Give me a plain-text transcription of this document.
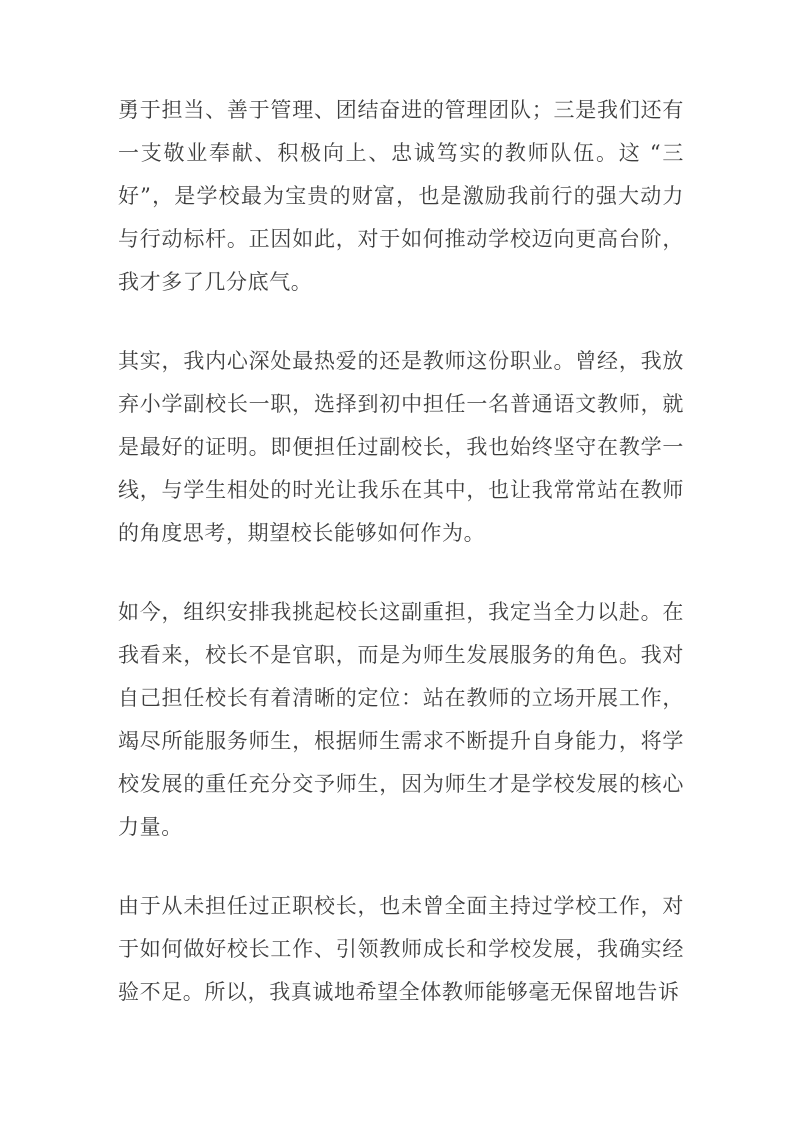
勇于担当、善于管理、团结奋进的管理团队；三是我们还有一支敬业奉献、积极向上、忠诚笃实的教师队伍。这 “三好”，是学校最为宝贵的财富，也是激励我前行的强大动力与行动标杆。正因如此，对于如何推动学校迈向更高台阶，我才多了几分底气。

其实，我内心深处最热爱的还是教师这份职业。曾经，我放弃小学副校长一职，选择到初中担任一名普通语文教师，就是最好的证明。即便担任过副校长，我也始终坚守在教学一线，与学生相处的时光让我乐在其中，也让我常常站在教师的角度思考，期望校长能够如何作为。

如今，组织安排我挑起校长这副重担，我定当全力以赴。在我看来，校长不是官职，而是为师生发展服务的角色。我对自己担任校长有着清晰的定位：站在教师的立场开展工作，竭尽所能服务师生，根据师生需求不断提升自身能力，将学校发展的重任充分交予师生，因为师生才是学校发展的核心力量。

由于从未担任过正职校长，也未曾全面主持过学校工作，对于如何做好校长工作、引领教师成长和学校发展，我确实经验不足。所以，我真诚地希望全体教师能够毫无保留地告诉
